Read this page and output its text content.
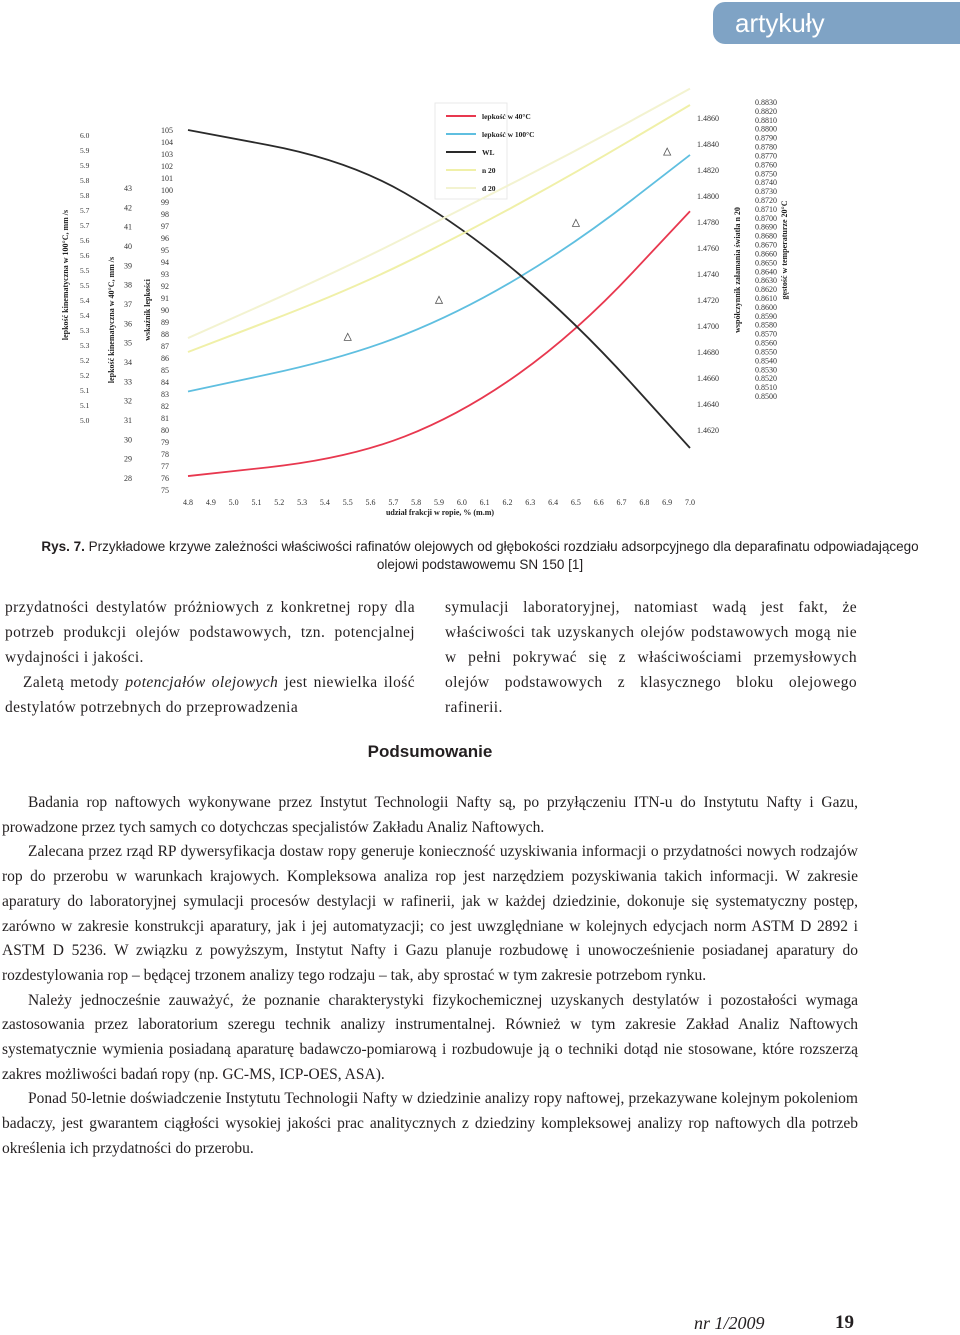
artykuły
6.0
5.9
5.9
5.8
5.8
5.7
5.7
5.6
5.6
5.5
5.5
5.4
5.4
5.3
5.3
5.2
5.2
5.1
5.1
5.0
43
42
41
40
39
38
37
36
35
34
33
32
31
30
29
28
105
104
103
102
101
100
99
98
97
96
95
94
93
92
91
90
89
88
87
86
85
84
83
82
81
80
79
78
77
76
75
1.4860
1.4840
1.4820
1.4800
1.4780
1.4760
1.4740
1.4720
1.4700
1.4680
1.4660
1.4640
1.4620
0.8830
0.8820
0.8810
0.8800
0.8790
0.8780
0.8770
0.8760
0.8750
0.8740
0.8730
0.8720
0.8710
0.8700
0.8690
0.8680
0.8670
0.8660
0.8650
0.8640
0.8630
0.8620
0.8610
0.8600
0.8590
0.8580
0.8570
0.8560
0.8550
0.8540
0.8530
0.8520
0.8510
0.8500
lepkość kinematyczna w 100°C, mm /s	lepkość kinematyczna w 40°C, mm /s	wskaźnik lepkości	współczynnik załamania światła n 20	gęstość w temperaturze 20°C
4.8 4.9 5.0 5.1 5.2 5.3 5.4 5.5 5.6 5.7 5.8 5.9 6.0 6.1 6.2 6.3 6.4 6.5 6.6 6.7 6.8 6.9 7.0
udział frakcji w ropie, % (m.m)
lepkość w 40°C
lepkość w 100°C
WL
n 20
d 20
Rys. 7. Przykładowe krzywe zależności właściwości rafinatów olejowych od głębokości rozdziału adsorpcyjnego dla deparafinatu odpowiadającego olejowi podstawowemu SN 150 [1]

przydatności destylatów próżniowych z konkretnej ropy dla potrzeb produkcji olejów podstawowych, tzn. potencjalnej wydajności i jakości.

Zaletą metody potencjałów olejowych jest niewielka ilość destylatów potrzebnych do przeprowadzenia

symulacji laboratoryjnej, natomiast wadą jest fakt, że właściwości tak uzyskanych olejów podstawowych mogą nie w pełni pokrywać się z właściwościami przemysłowych olejów podstawowych z klasycznego bloku olejowego rafinerii.

Podsumowanie

Badania rop naftowych wykonywane przez Instytut Technologii Nafty są, po przyłączeniu ITN-u do Instytutu Nafty i Gazu, prowadzone przez tych samych co dotychczas specjalistów Zakładu Analiz Naftowych.

Zalecana przez rząd RP dywersyfikacja dostaw ropy generuje konieczność uzyskiwania informacji o przydatności nowych rodzajów rop do przerobu w warunkach krajowych. Kompleksowa analiza rop jest narzędziem pozyskiwania takich informacji. W zakresie aparatury do laboratoryjnej symulacji procesów destylacji w rafinerii, jak w każdej dziedzinie, dokonuje się systematyczny postęp, zarówno w zakresie konstrukcji aparatury, jak i jej automatyzacji; co jest uwzględniane w kolejnych edycjach norm ASTM D 2892 i ASTM D 5236. W związku z powyższym, Instytut Nafty i Gazu planuje rozbudowę i unowocześnienie posiadanej aparatury do rozdestylowania rop – będącej trzonem analizy tego rodzaju – tak, aby sprostać w tym zakresie potrzebom rynku.

Należy jednocześnie zauważyć, że poznanie charakterystyki fizykochemicznej uzyskanych destylatów i pozostałości wymaga zastosowania przez laboratorium szeregu technik analizy instrumentalnej. Również w tym zakresie Zakład Analiz Naftowych systematycznie wymienia posiadaną aparaturę badawczo-pomiarową i rozbudowuje ją o techniki dotąd nie stosowane, które rozszerzą zakres możliwości badań ropy (np. GC-MS, ICP-OES, ASA).

Ponad 50-letnie doświadczenie Instytutu Technologii Nafty w dziedzinie analizy ropy naftowej, przekazywane kolejnym pokoleniom badaczy, jest gwarantem ciągłości wysokiej jakości prac analitycznych z dziedziny kompleksowej analizy rop naftowych dla potrzeb określenia ich przydatności do przerobu.

nr 1/2009	19
